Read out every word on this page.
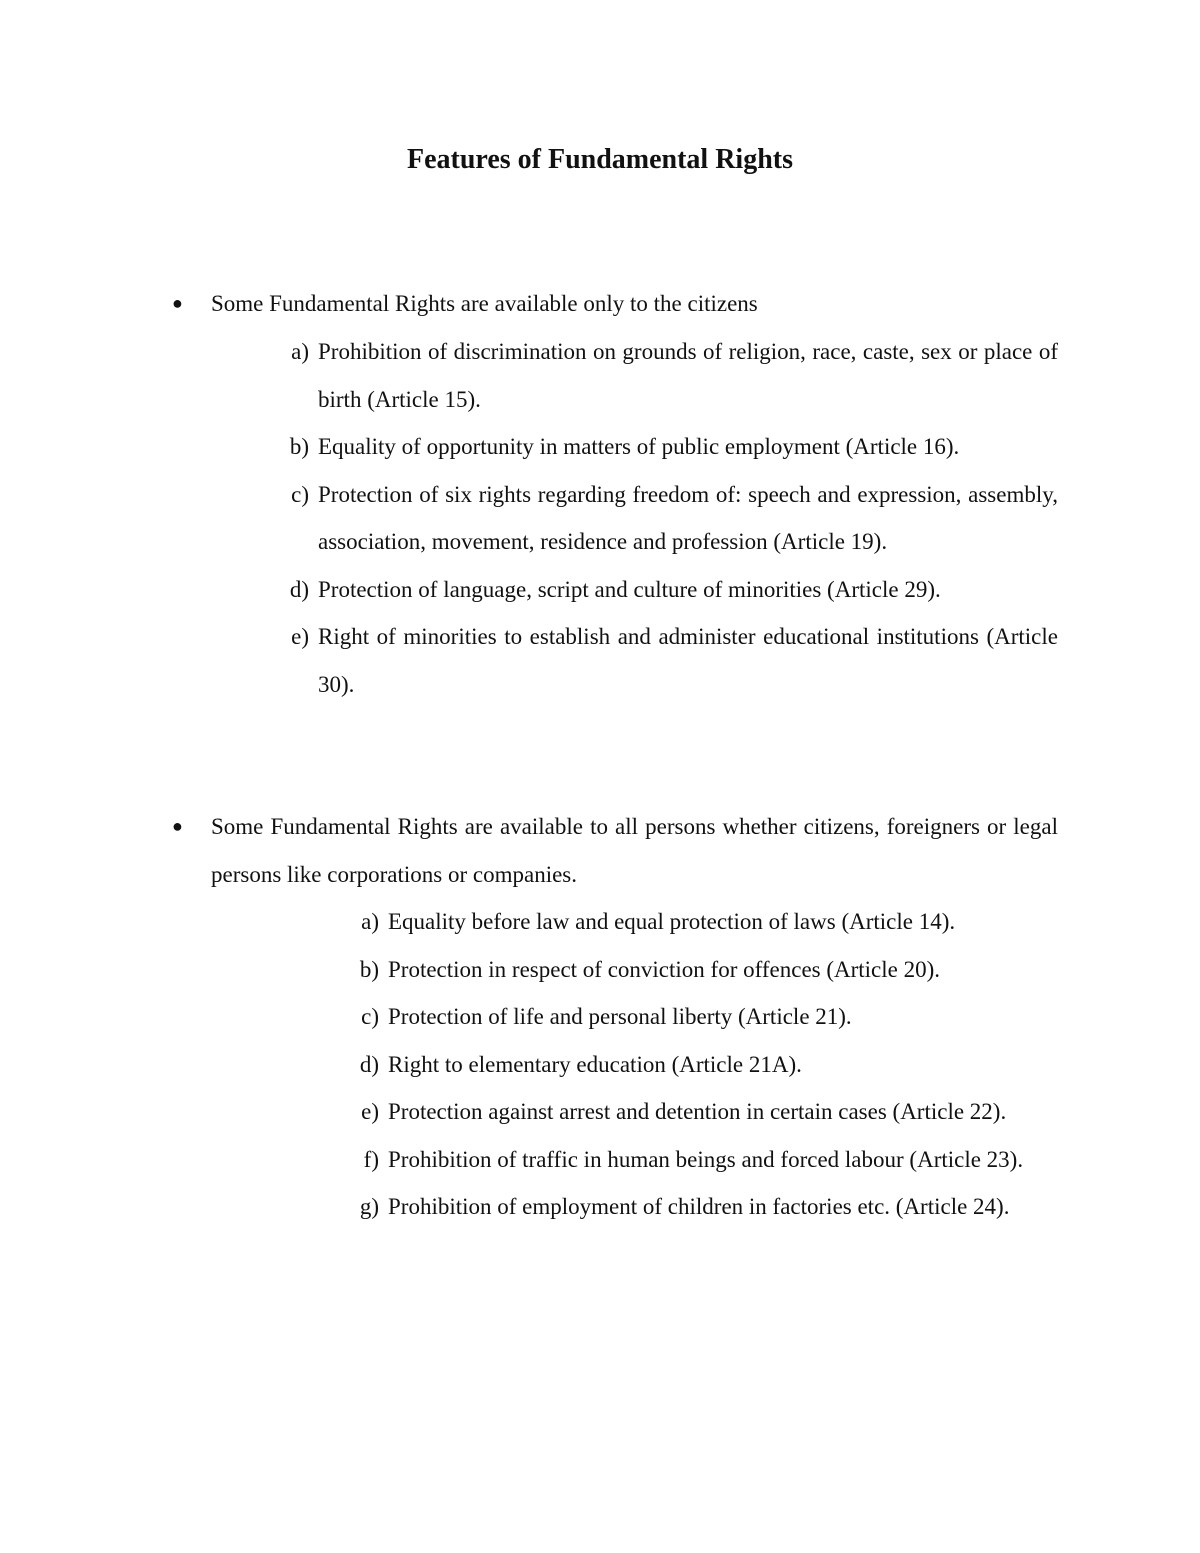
Features of Fundamental Rights
●	Some Fundamental Rights are available only to the citizens
a) Prohibition of discrimination on grounds of religion, race, caste, sex or place of birth (Article 15).
b) Equality of opportunity in matters of public employment (Article 16).
c) Protection of six rights regarding freedom of: speech and expression, assembly, association, movement, residence and profession (Article 19).
d) Protection of language, script and culture of minorities (Article 29).
e) Right of minorities to establish and administer educational institutions (Article 30).
●	Some Fundamental Rights are available to all persons whether citizens, foreigners or legal persons like corporations or companies.
a) Equality before law and equal protection of laws (Article 14).
b) Protection in respect of conviction for offences (Article 20).
c) Protection of life and personal liberty (Article 21).
d) Right to elementary education (Article 21A).
e) Protection against arrest and detention in certain cases (Article 22).
f) Prohibition of traffic in human beings and forced labour (Article 23).
g) Prohibition of employment of children in factories etc. (Article 24).
